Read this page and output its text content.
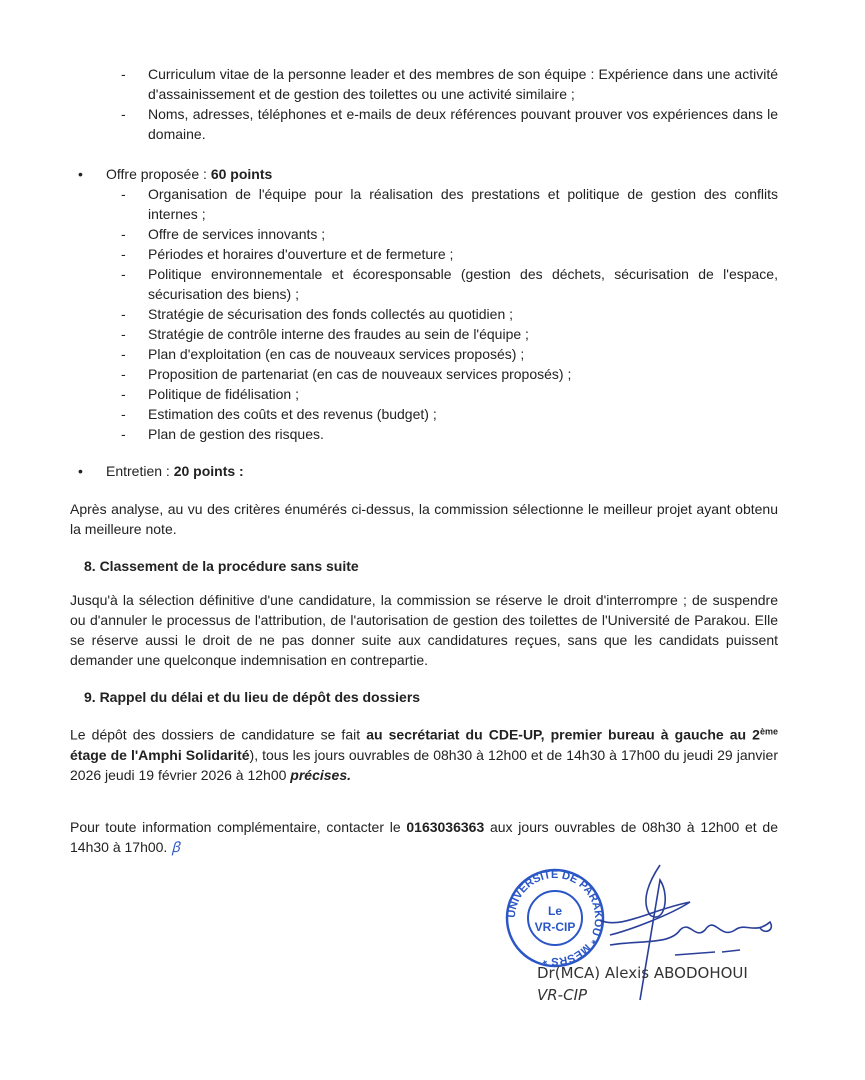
- Curriculum vitae de la personne leader et des membres de son équipe : Expérience dans une activité d'assainissement et de gestion des toilettes ou une activité similaire ;
- Noms, adresses, téléphones et e-mails de deux références pouvant prouver vos expériences dans le domaine.
• Offre proposée : 60 points
- Organisation de l'équipe pour la réalisation des prestations et politique de gestion des conflits internes ;
- Offre de services innovants ;
- Périodes et horaires d'ouverture et de fermeture ;
- Politique environnementale et écoresponsable (gestion des déchets, sécurisation de l'espace, sécurisation des biens) ;
- Stratégie de sécurisation des fonds collectés au quotidien ;
- Stratégie de contrôle interne des fraudes au sein de l'équipe ;
- Plan d'exploitation (en cas de nouveaux services proposés) ;
- Proposition de partenariat (en cas de nouveaux services proposés) ;
- Politique de fidélisation ;
- Estimation des coûts et des revenus (budget) ;
- Plan de gestion des risques.
• Entretien : 20 points :

Après analyse, au vu des critères énumérés ci-dessus, la commission sélectionne le meilleur projet ayant obtenu la meilleure note.

8. Classement de la procédure sans suite

Jusqu'à la sélection définitive d'une candidature, la commission se réserve le droit d'interrompre ; de suspendre ou d'annuler le processus de l'attribution, de l'autorisation de gestion des toilettes de l'Université de Parakou. Elle se réserve aussi le droit de ne pas donner suite aux candidatures reçues, sans que les candidats puissent demander une quelconque indemnisation en contrepartie.

9. Rappel du délai et du lieu de dépôt des dossiers

Le dépôt des dossiers de candidature se fait au secrétariat du CDE-UP, premier bureau à gauche au 2ème étage de l'Amphi Solidarité), tous les jours ouvrables de 08h30 à 12h00 et de 14h30 à 17h00 du jeudi 29 janvier 2026 jeudi 19 février 2026 à 12h00 précises.

Pour toute information complémentaire, contacter le 0163036363 aux jours ouvrables de 08h30 à 12h00 et de 14h30 à 17h00. ꞵ

UNIVERSITE DE PARAKOU * MESRS *
Le
VR-CIP
Dr(MCA) Alexis ABODOHOUI
VR-CIP
